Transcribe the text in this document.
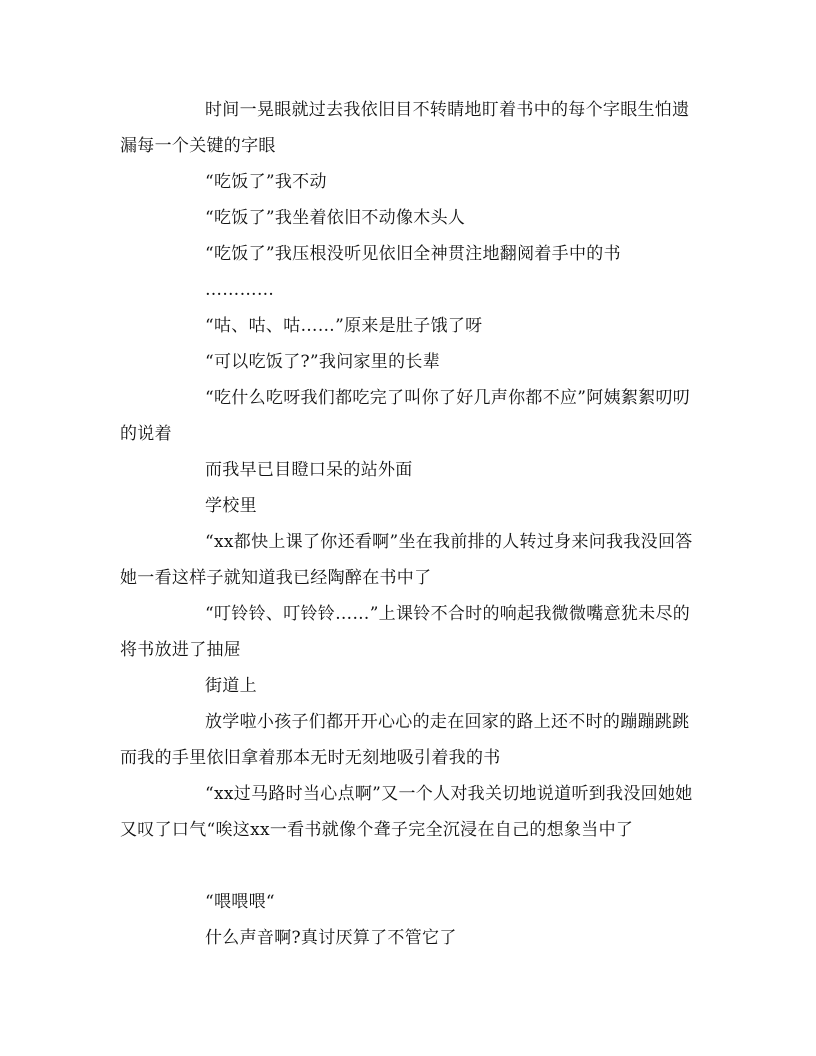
时间一晃眼就过去我依旧目不转睛地盯着书中的每个字眼生怕遗漏每一个关键的字眼

“吃饭了”我不动

“吃饭了”我坐着依旧不动像木头人

“吃饭了”我压根没听见依旧全神贯注地翻阅着手中的书

…………

“咕、咕、咕……”原来是肚子饿了呀

“可以吃饭了?”我问家里的长辈

“吃什么吃呀我们都吃完了叫你了好几声你都不应”阿姨絮絮叨叨的说着

而我早已目瞪口呆的站外面

学校里

“xx都快上课了你还看啊”坐在我前排的人转过身来问我我没回答她一看这样子就知道我已经陶醉在书中了

“叮铃铃、叮铃铃……”上课铃不合时的响起我微微嘴意犹未尽的将书放进了抽屉

街道上

放学啦小孩子们都开开心心的走在回家的路上还不时的蹦蹦跳跳而我的手里依旧拿着那本无时无刻地吸引着我的书

“xx过马路时当心点啊”又一个人对我关切地说道听到我没回她她又叹了口气“唉这xx一看书就像个聋子完全沉浸在自己的想象当中了

“喂喂喂“

什么声音啊?真讨厌算了不管它了
